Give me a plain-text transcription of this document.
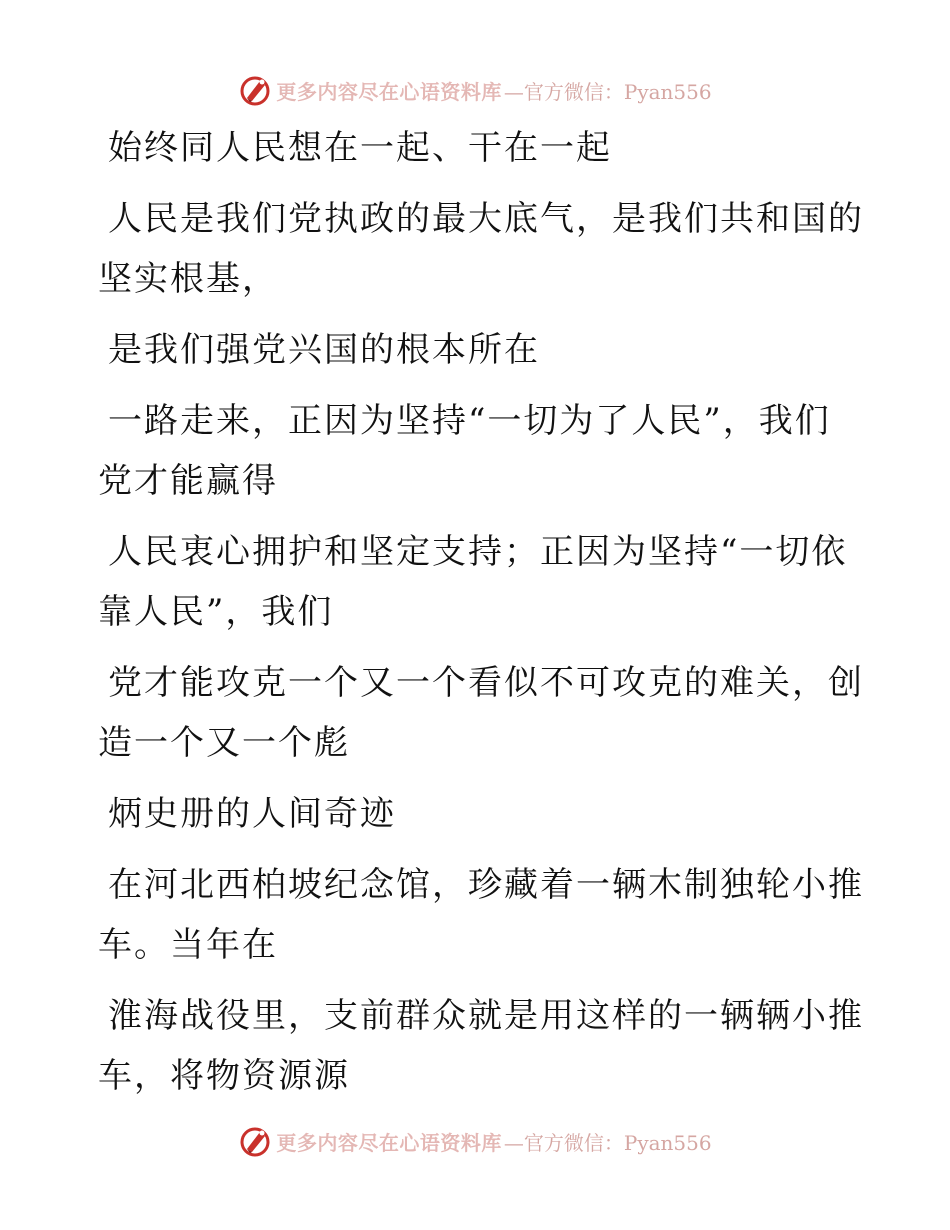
更多内容尽在心语资料库 —官方微信：Pyan556
始终同人民想在一起、干在一起
人民是我们党执政的最大底气，是我们共和国的
坚实根基，
是我们强党兴国的根本所在
一路走来，正因为坚持“一切为了人民”，我们
党才能赢得
人民衷心拥护和坚定支持；正因为坚持“一切依
靠人民”，我们
党才能攻克一个又一个看似不可攻克的难关，创
造一个又一个彪
炳史册的人间奇迹
在河北西柏坡纪念馆，珍藏着一辆木制独轮小推
车。当年在
淮海战役里，支前群众就是用这样的一辆辆小推
车，将物资源源
更多内容尽在心语资料库 —官方微信：Pyan556
